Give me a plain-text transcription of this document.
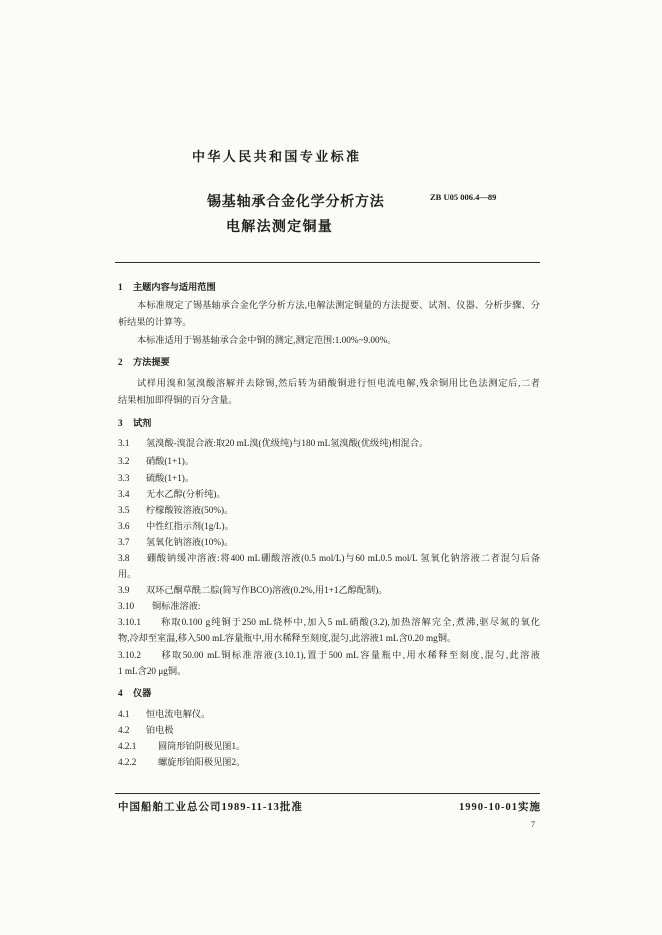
中华人民共和国专业标准
锡基轴承合金化学分析方法
电解法测定铜量
ZB U05 006.4—89
1 主题内容与适用范围
本标准规定了锡基轴承合金化学分析方法,电解法测定铜量的方法提要、试剂、仪器、分析步骤、分
析结果的计算等。
本标准适用于锡基轴承合金中铜的测定,测定范围:1.00%~9.00%。
2 方法提要
试样用溴和氢溴酸溶解并去除锡,然后转为硝酸铜进行恒电流电解,残余铜用比色法测定后,二者
结果相加即得铜的百分含量。
3 试剂
3.1 氢溴酸-溴混合液:取20 mL溴(优级纯)与180 mL氢溴酸(优级纯)相混合。
3.2 硝酸(1+1)。
3.3 硫酸(1+1)。
3.4 无水乙醇(分析纯)。
3.5 柠檬酸铵溶液(50%)。
3.6 中性红指示剂(1g/L)。
3.7 氢氧化钠溶液(10%)。
3.8 硼酸钠缓冲溶液:将400 mL硼酸溶液(0.5 mol/L)与60 mL0.5 mol/L 氢氧化钠溶液二者混匀后备
用。
3.9 双环己酮草酰二腙(简写作BCO)溶液(0.2%,用1+1乙醇配制)。
3.10 铜标准溶液:
3.10.1 称取0.100 g纯铜于250 mL烧杯中,加入5 mL硝酸(3.2),加热溶解完全,煮沸,驱尽氮的氧化
物,冷却至室温,移入500 mL容量瓶中,用水稀释至刻度,混匀,此溶液1 mL含0.20 mg铜。
3.10.2 移取50.00 mL铜标准溶液(3.10.1),置于500 mL容量瓶中,用水稀释至刻度,混匀,此溶液
1 mL含20 μg铜。
4 仪器
4.1 恒电流电解仪。
4.2 铂电极
4.2.1 圆筒形铂阴极见图1。
4.2.2 螺旋形铂阳极见图2。
中国船舶工业总公司1989-11-13批准	1990-10-01实施
7
